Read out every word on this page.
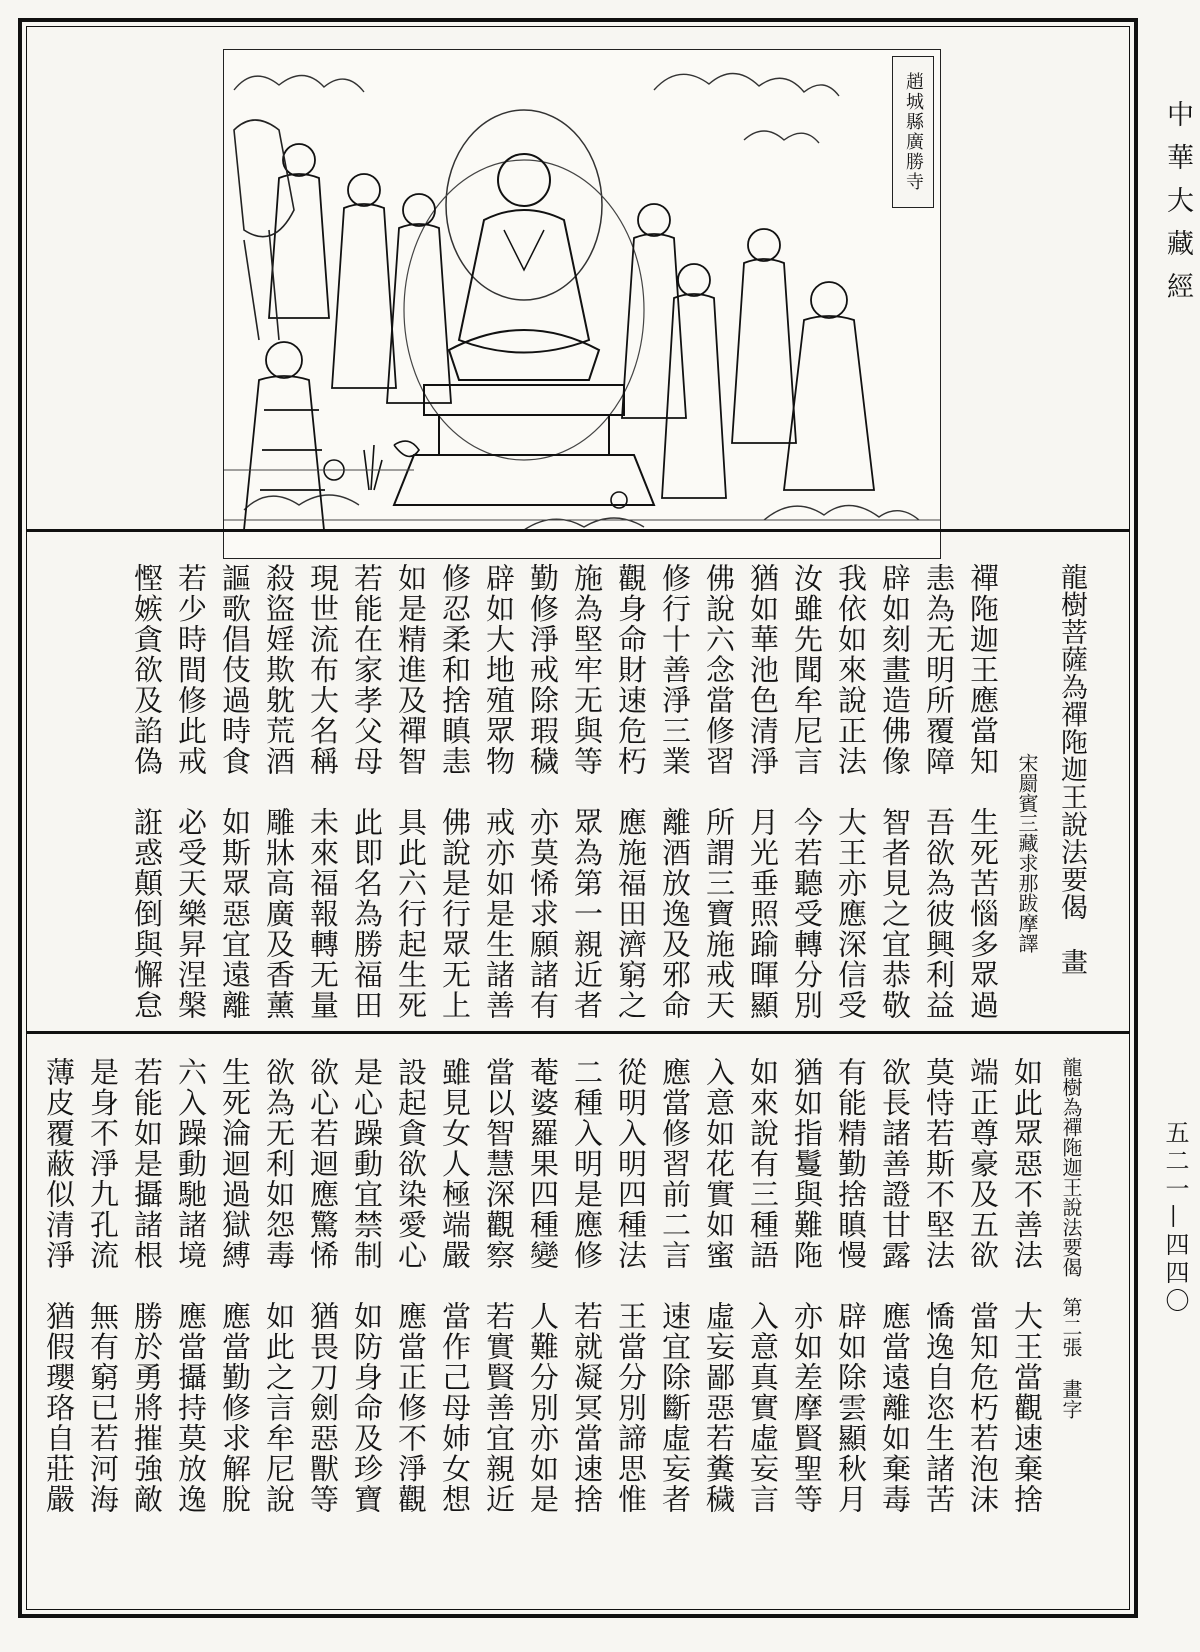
趙城縣廣勝寺
龍樹菩薩為禪陁迦王說法要偈　畫
宋罽賓三藏求那跋摩譯
禪陁迦王應當知　生死苦惱多眾過
恚為无明所覆障　吾欲為彼興利益
辟如刻畫造佛像　智者見之宜恭敬
我依如來說正法　大王亦應深信受
汝雖先聞牟尼言　今若聽受轉分別
猶如華池色清淨　月光垂照踰暉顯
佛說六念當修習　所謂三寶施戒天
修行十善淨三業　離酒放逸及邪命
觀身命財速危朽　應施福田濟窮之
施為堅牢无與等　眾為第一親近者
勤修淨戒除瑕穢　亦莫悕求願諸有
辟如大地殖眾物　戒亦如是生諸善
修忍柔和捨瞋恚　佛說是行眾无上
如是精進及禪智　具此六行起生死
若能在家孝父母　此即名為勝福田
現世流布大名稱　未來福報轉无量
殺盜婬欺躭荒酒　雕牀高廣及香薰
謳歌倡伎過時食　如斯眾惡宜遠離
若少時間修此戒　必受天樂昇涅槃
慳嫉貪欲及諂偽　誑惑顛倒與懈怠
龍樹為禪陁迦王說法要偈　第二張畫字
如此眾惡不善法　大王當觀速棄捨
端正尊豪及五欲　當知危朽若泡沫
莫恃若斯不堅法　憍逸自恣生諸苦
欲長諸善證甘露　應當遠離如棄毒
有能精勤捨瞋慢　辟如除雲顯秋月
猶如指鬘與難陁　亦如差摩賢聖等
如來說有三種語　入意真實虛妄言
入意如花實如蜜　虛妄鄙惡若糞穢
應當修習前二言　速宜除斷虛妄者
從明入明四種法　王當分別諦思惟
二種入明是應修　若就凝冥當速捨
菴婆羅果四種變　人難分別亦如是
當以智慧深觀察　若實賢善宜親近
雖見女人極端嚴　當作己母姉女想
設起貪欲染愛心　應當正修不淨觀
是心躁動宜禁制　如防身命及珍寶
欲心若迴應驚悕　猶畏刀劍惡獸等
欲為无利如怨毒　如此之言牟尼說
生死淪迴過獄縛　應當勤修求解脫
六入躁動馳諸境　應當攝持莫放逸
若能如是攝諸根　勝於勇將摧強敵
是身不淨九孔流　無有窮已若河海
薄皮覆蔽似清淨　猶假瓔珞自莊嚴
中華大藏經
五二一—四四〇
